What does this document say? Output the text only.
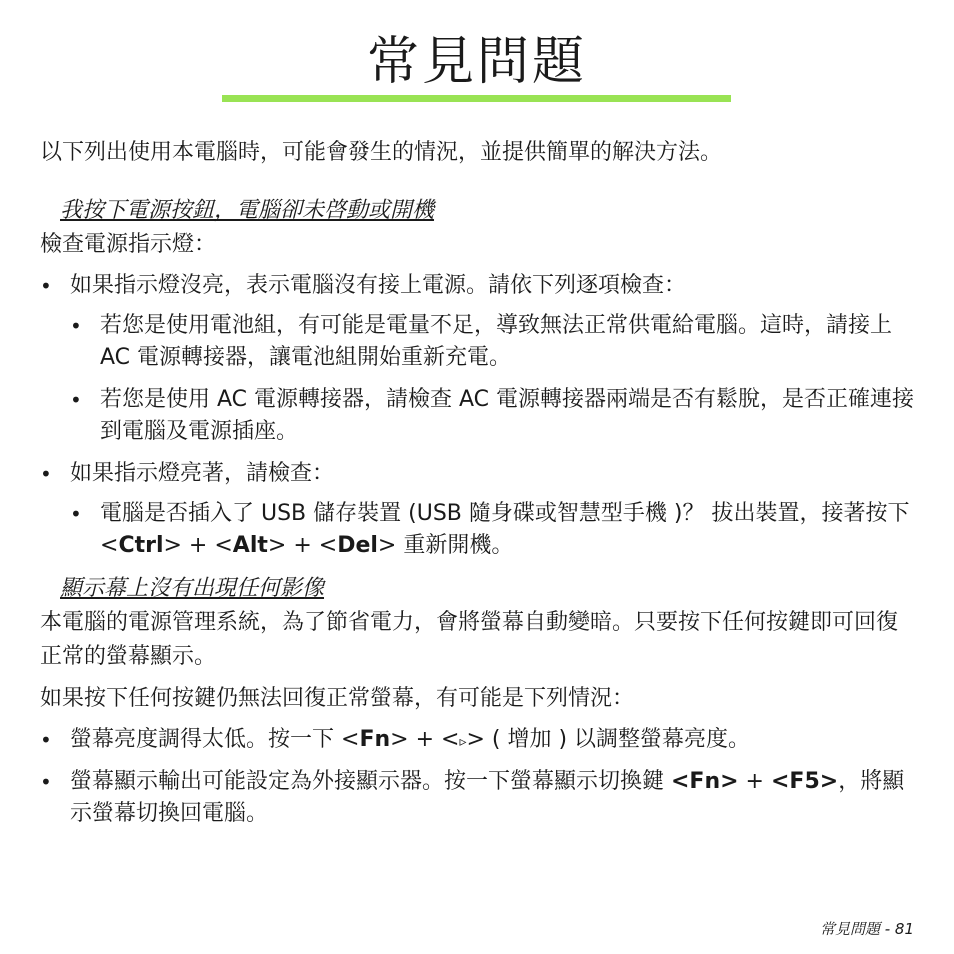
常見問題

以下列出使用本電腦時，可能會發生的情況，並提供簡單的解決方法。

我按下電源按鈕，電腦卻未啓動或開機

檢查電源指示燈：

• 如果指示燈沒亮，表示電腦沒有接上電源。請依下列逐項檢查：
• 若您是使用電池組，有可能是電量不足，導致無法正常供電給電腦。這時，請接上 AC 電源轉接器，讓電池組開始重新充電。
• 若您是使用 AC 電源轉接器，請檢查 AC 電源轉接器兩端是否有鬆脫，是否正確連接到電腦及電源插座。
• 如果指示燈亮著，請檢查：
• 電腦是否插入了 USB 儲存裝置 (USB 隨身碟或智慧型手機 )？ 拔出裝置，接著按下 <Ctrl> + <Alt> + <Del> 重新開機。

顯示幕上沒有出現任何影像

本電腦的電源管理系統，為了節省電力，會將螢幕自動變暗。只要按下任何按鍵即可回復正常的螢幕顯示。

如果按下任何按鍵仍無法回復正常螢幕，有可能是下列情況：

• 螢幕亮度調得太低。按一下 <Fn> + <▹> ( 增加 ) 以調整螢幕亮度。
• 螢幕顯示輸出可能設定為外接顯示器。按一下螢幕顯示切換鍵 <Fn> + <F5>，將顯示螢幕切換回電腦。
常見問題 - 81
